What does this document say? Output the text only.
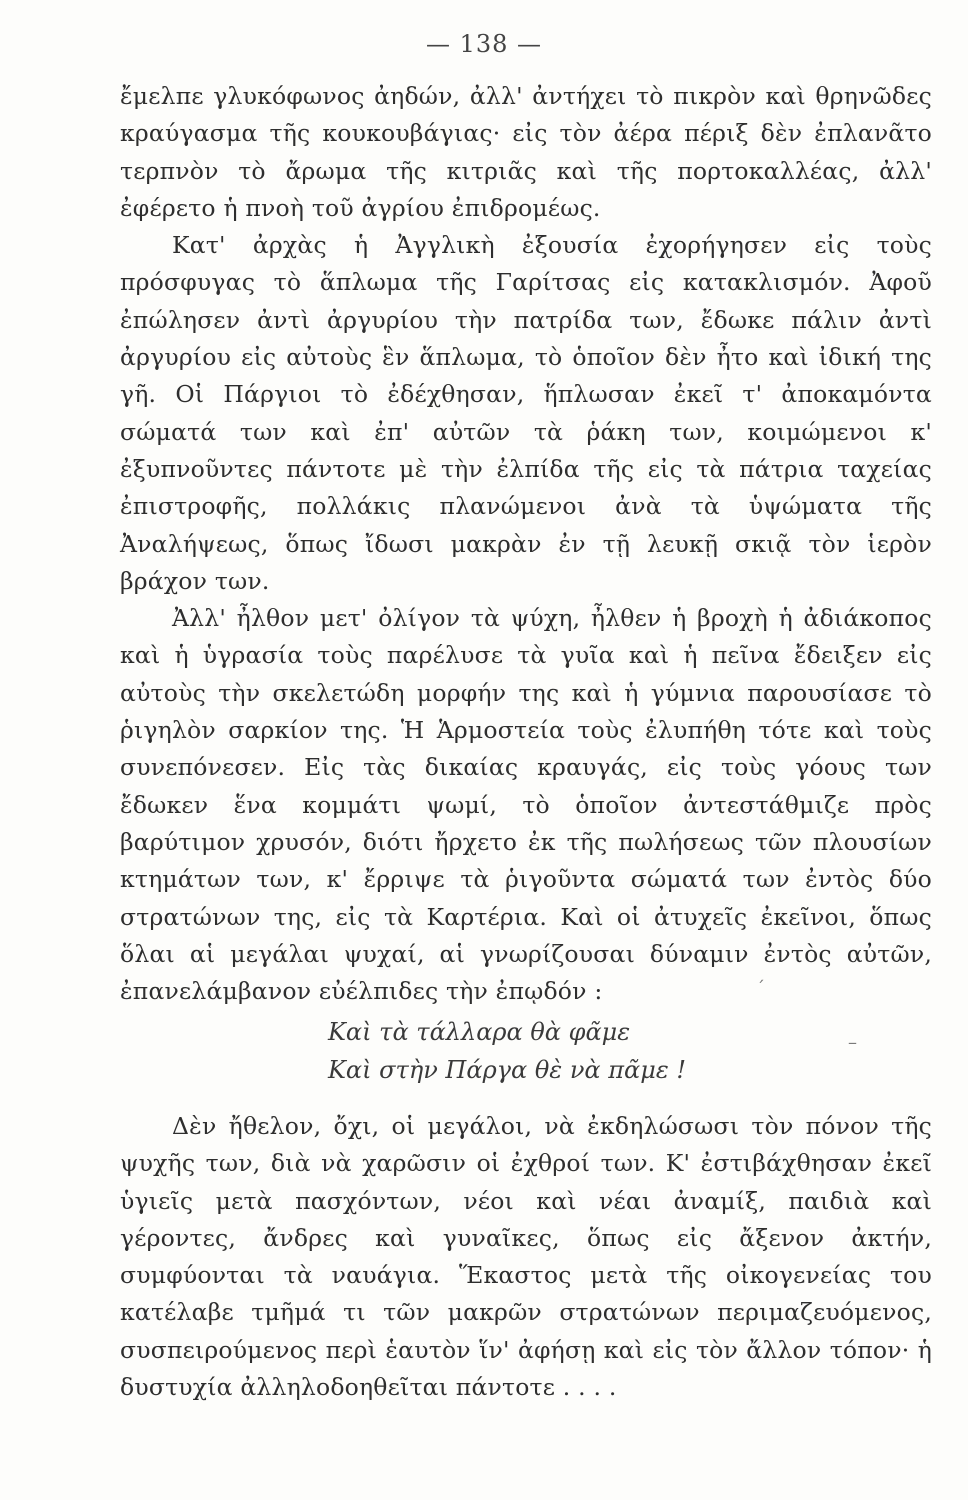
— 138 —

ἔμελπε γλυκόφωνος ἀηδών, ἀλλ' ἀντήχει τὸ πικρὸν καὶ θρηνῶδες κραύγασμα τῆς κουκουβάγιας· εἰς τὸν ἀέρα πέριξ δὲν ἐπλανᾶτο τερπνὸν τὸ ἄρωμα τῆς κιτριᾶς καὶ τῆς πορτοκαλλέας, ἀλλ' ἐφέρετο ἡ πνοὴ τοῦ ἀγρίου ἐπιδρομέως.

Κατ' ἀρχὰς ἡ Ἀγγλικὴ ἐξουσία ἐχορήγησεν εἰς τοὺς πρόσφυγας τὸ ἅπλωμα τῆς Γαρίτσας εἰς κατακλισμόν. Ἀφοῦ ἐπώλησεν ἀντὶ ἀργυρίου τὴν πατρίδα των, ἔδωκε πάλιν ἀντὶ ἀργυρίου εἰς αὐτοὺς ἓν ἅπλωμα, τὸ ὁποῖον δὲν ἦτο καὶ ἰδική της γῆ. Οἱ Πάργιοι τὸ ἐδέχθησαν, ἥπλωσαν ἐκεῖ τ' ἀποκαμόντα σώματά των καὶ ἐπ' αὐτῶν τὰ ῥάκη των, κοιμώμενοι κ' ἐξυπνοῦντες πάντοτε μὲ τὴν ἐλπίδα τῆς εἰς τὰ πάτρια ταχείας ἐπιστροφῆς, πολλάκις πλανώμενοι ἀνὰ τὰ ὑψώματα τῆς Ἀναλήψεως, ὅπως ἴδωσι μακρὰν ἐν τῇ λευκῇ σκιᾷ τὸν ἱερὸν βράχον των.

Ἀλλ' ἦλθον μετ' ὀλίγον τὰ ψύχη, ἦλθεν ἡ βροχὴ ἡ ἀδιάκοπος καὶ ἡ ὑγρασία τοὺς παρέλυσε τὰ γυῖα καὶ ἡ πεῖνα ἔδειξεν εἰς αὐτοὺς τὴν σκελετώδη μορφήν της καὶ ἡ γύμνια παρουσίασε τὸ ῥιγηλὸν σαρκίον της. Ἡ Ἁρμοστεία τοὺς ἐλυπήθη τότε καὶ τοὺς συνεπόνεσεν. Εἰς τὰς δικαίας κραυγάς, εἰς τοὺς γόους των ἔδωκεν ἕνα κομμάτι ψωμί, τὸ ὁποῖον ἀντεστάθμιζε πρὸς βαρύτιμον χρυσόν, διότι ἤρχετο ἐκ τῆς πωλήσεως τῶν πλουσίων κτημάτων των, κ' ἔρριψε τὰ ῥιγοῦντα σώματά των ἐντὸς δύο στρατώνων της, εἰς τὰ Καρτέρια. Καὶ οἱ ἀτυχεῖς ἐκεῖνοι, ὅπως ὅλαι αἱ μεγάλαι ψυχαί, αἱ γνωρίζουσαι δύναμιν ἐντὸς αὐτῶν, ἐπανελάμβανον εὐέλπιδες τὴν ἐπῳδόν :

Καὶ τὰ τάλλαρα θὰ φᾶμε
Καὶ στὴν Πάργα θὲ νὰ πᾶμε !
ˊ
–

Δὲν ἤθελον, ὄχι, οἱ μεγάλοι, νὰ ἐκδηλώσωσι τὸν πόνον τῆς ψυχῆς των, διὰ νὰ χαρῶσιν οἱ ἐχθροί των. Κ' ἐστιβάχθησαν ἐκεῖ ὑγιεῖς μετὰ πασχόντων, νέοι καὶ νέαι ἀναμίξ, παιδιὰ καὶ γέροντες, ἄνδρες καὶ γυναῖκες, ὅπως εἰς ἄξενον ἀκτήν, συμφύονται τὰ ναυάγια. Ἕκαστος μετὰ τῆς οἰκογενείας του κατέλαβε τμῆμά τι τῶν μακρῶν στρατώνων περιμαζευόμενος, συσπειρούμενος περὶ ἑαυτὸν ἵν' ἀφήσῃ καὶ εἰς τὸν ἄλλον τόπον· ἡ δυστυχία ἀλληλοδοηθεῖται πάντοτε . . . .
